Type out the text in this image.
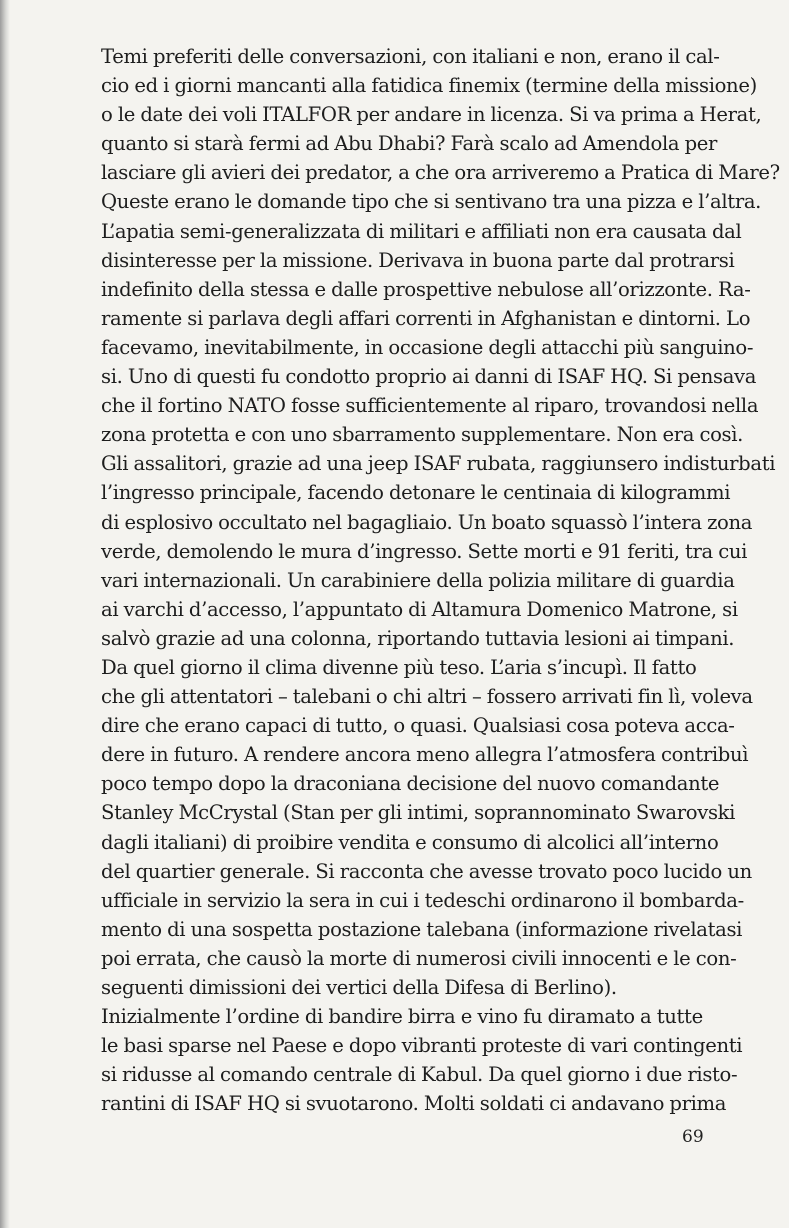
Temi preferiti delle conversazioni, con italiani e non, erano il cal-
cio ed i giorni mancanti alla fatidica finemix (termine della missione)
o le date dei voli ITALFOR per andare in licenza. Si va prima a Herat,
quanto si starà fermi ad Abu Dhabi? Farà scalo ad Amendola per
lasciare gli avieri dei predator, a che ora arriveremo a Pratica di Mare?
Queste erano le domande tipo che si sentivano tra una pizza e l’altra.
L’apatia semi-generalizzata di militari e affiliati non era causata dal
disinteresse per la missione. Derivava in buona parte dal protrarsi
indefinito della stessa e dalle prospettive nebulose all’orizzonte. Ra-
ramente si parlava degli affari correnti in Afghanistan e dintorni. Lo
facevamo, inevitabilmente, in occasione degli attacchi più sanguino-
si. Uno di questi fu condotto proprio ai danni di ISAF HQ. Si pensava
che il fortino NATO fosse sufficientemente al riparo, trovandosi nella
zona protetta e con uno sbarramento supplementare. Non era così.
Gli assalitori, grazie ad una jeep ISAF rubata, raggiunsero indisturbati
l’ingresso principale, facendo detonare le centinaia di kilogrammi
di esplosivo occultato nel bagagliaio. Un boato squassò l’intera zona
verde, demolendo le mura d’ingresso. Sette morti e 91 feriti, tra cui
vari internazionali. Un carabiniere della polizia militare di guardia
ai varchi d’accesso, l’appuntato di Altamura Domenico Matrone, si
salvò grazie ad una colonna, riportando tuttavia lesioni ai timpani.

Da quel giorno il clima divenne più teso. L’aria s’incupì. Il fatto
che gli attentatori – talebani o chi altri – fossero arrivati fin lì, voleva
dire che erano capaci di tutto, o quasi. Qualsiasi cosa poteva acca-
dere in futuro. A rendere ancora meno allegra l’atmosfera contribuì
poco tempo dopo la draconiana decisione del nuovo comandante
Stanley McCrystal (Stan per gli intimi, soprannominato Swarovski
dagli italiani) di proibire vendita e consumo di alcolici all’interno
del quartier generale. Si racconta che avesse trovato poco lucido un
ufficiale in servizio la sera in cui i tedeschi ordinarono il bombarda-
mento di una sospetta postazione talebana (informazione rivelatasi
poi errata, che causò la morte di numerosi civili innocenti e le con-
seguenti dimissioni dei vertici della Difesa di Berlino).

Inizialmente l’ordine di bandire birra e vino fu diramato a tutte
le basi sparse nel Paese e dopo vibranti proteste di vari contingenti
si ridusse al comando centrale di Kabul. Da quel giorno i due risto-
rantini di ISAF HQ si svuotarono. Molti soldati ci andavano prima

69
